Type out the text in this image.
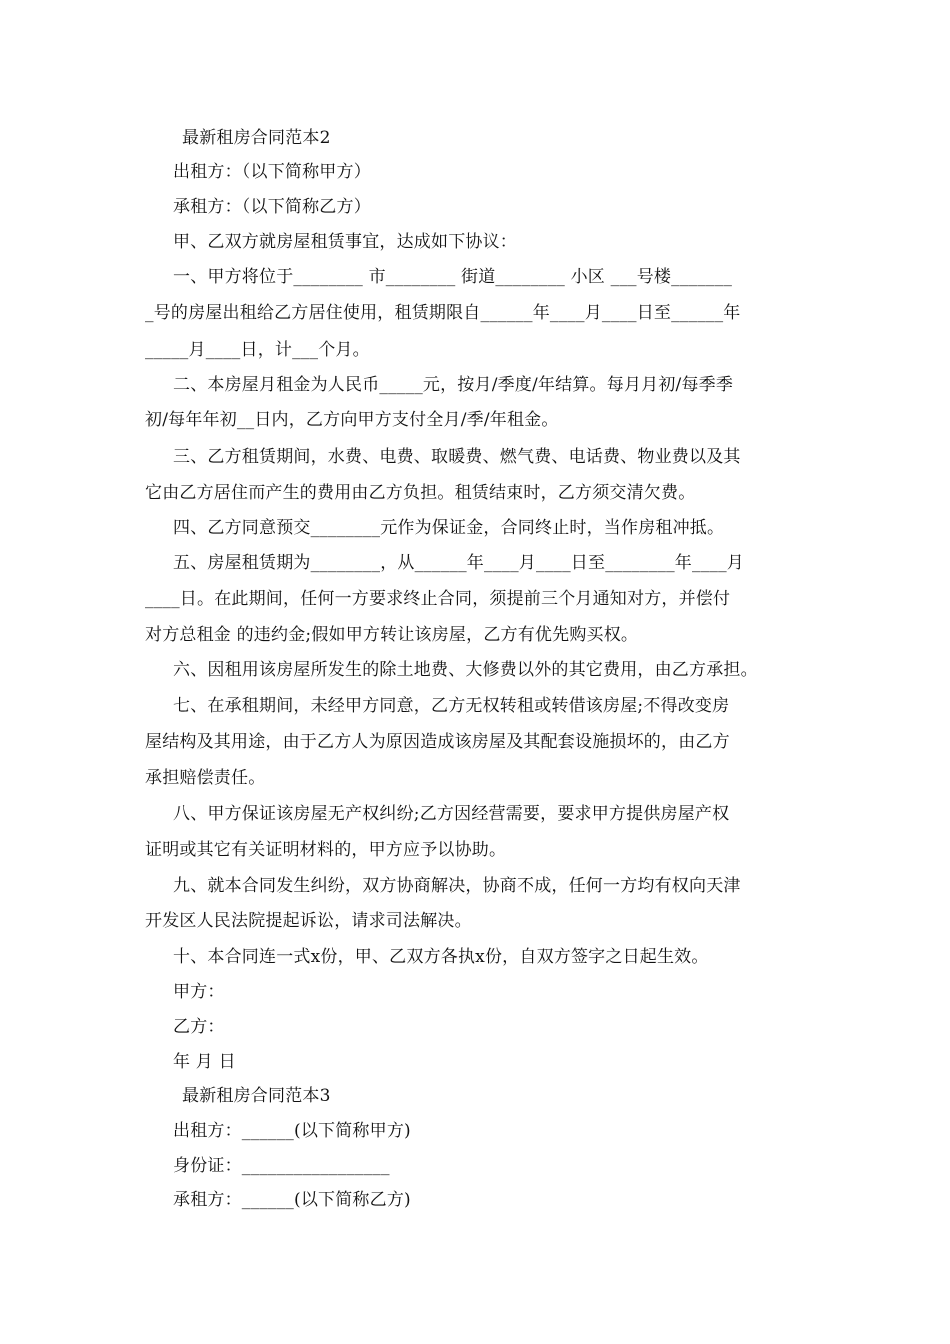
最新租房合同范本2
出租方：（以下简称甲方）
承租方：（以下简称乙方）
甲、乙双方就房屋租赁事宜，达成如下协议：
一、甲方将位于________ 市________ 街道________ 小区 ___号楼_______
_号的房屋出租给乙方居住使用，租赁期限自______年____月____日至______年
_____月____日，计___个月。
二、本房屋月租金为人民币_____元，按月/季度/年结算。每月月初/每季季
初/每年年初__日内，乙方向甲方支付全月/季/年租金。
三、乙方租赁期间，水费、电费、取暖费、燃气费、电话费、物业费以及其
它由乙方居住而产生的费用由乙方负担。租赁结束时，乙方须交清欠费。
四、乙方同意预交________元作为保证金，合同终止时，当作房租冲抵。
五、房屋租赁期为________，从______年____月____日至________年____月
____日。在此期间，任何一方要求终止合同，须提前三个月通知对方，并偿付
对方总租金 的违约金;假如甲方转让该房屋，乙方有优先购买权。
六、因租用该房屋所发生的除土地费、大修费以外的其它费用，由乙方承担。
七、在承租期间，未经甲方同意，乙方无权转租或转借该房屋;不得改变房
屋结构及其用途，由于乙方人为原因造成该房屋及其配套设施损坏的，由乙方
承担赔偿责任。
八、甲方保证该房屋无产权纠纷;乙方因经营需要，要求甲方提供房屋产权
证明或其它有关证明材料的，甲方应予以协助。
九、就本合同发生纠纷，双方协商解决，协商不成，任何一方均有权向天津
开发区人民法院提起诉讼，请求司法解决。
十、本合同连一式x份，甲、乙双方各执x份，自双方签字之日起生效。
甲方：
乙方：
年 月 日
最新租房合同范本3
出租方：______(以下简称甲方)
身份证：_________________
承租方：______(以下简称乙方)
